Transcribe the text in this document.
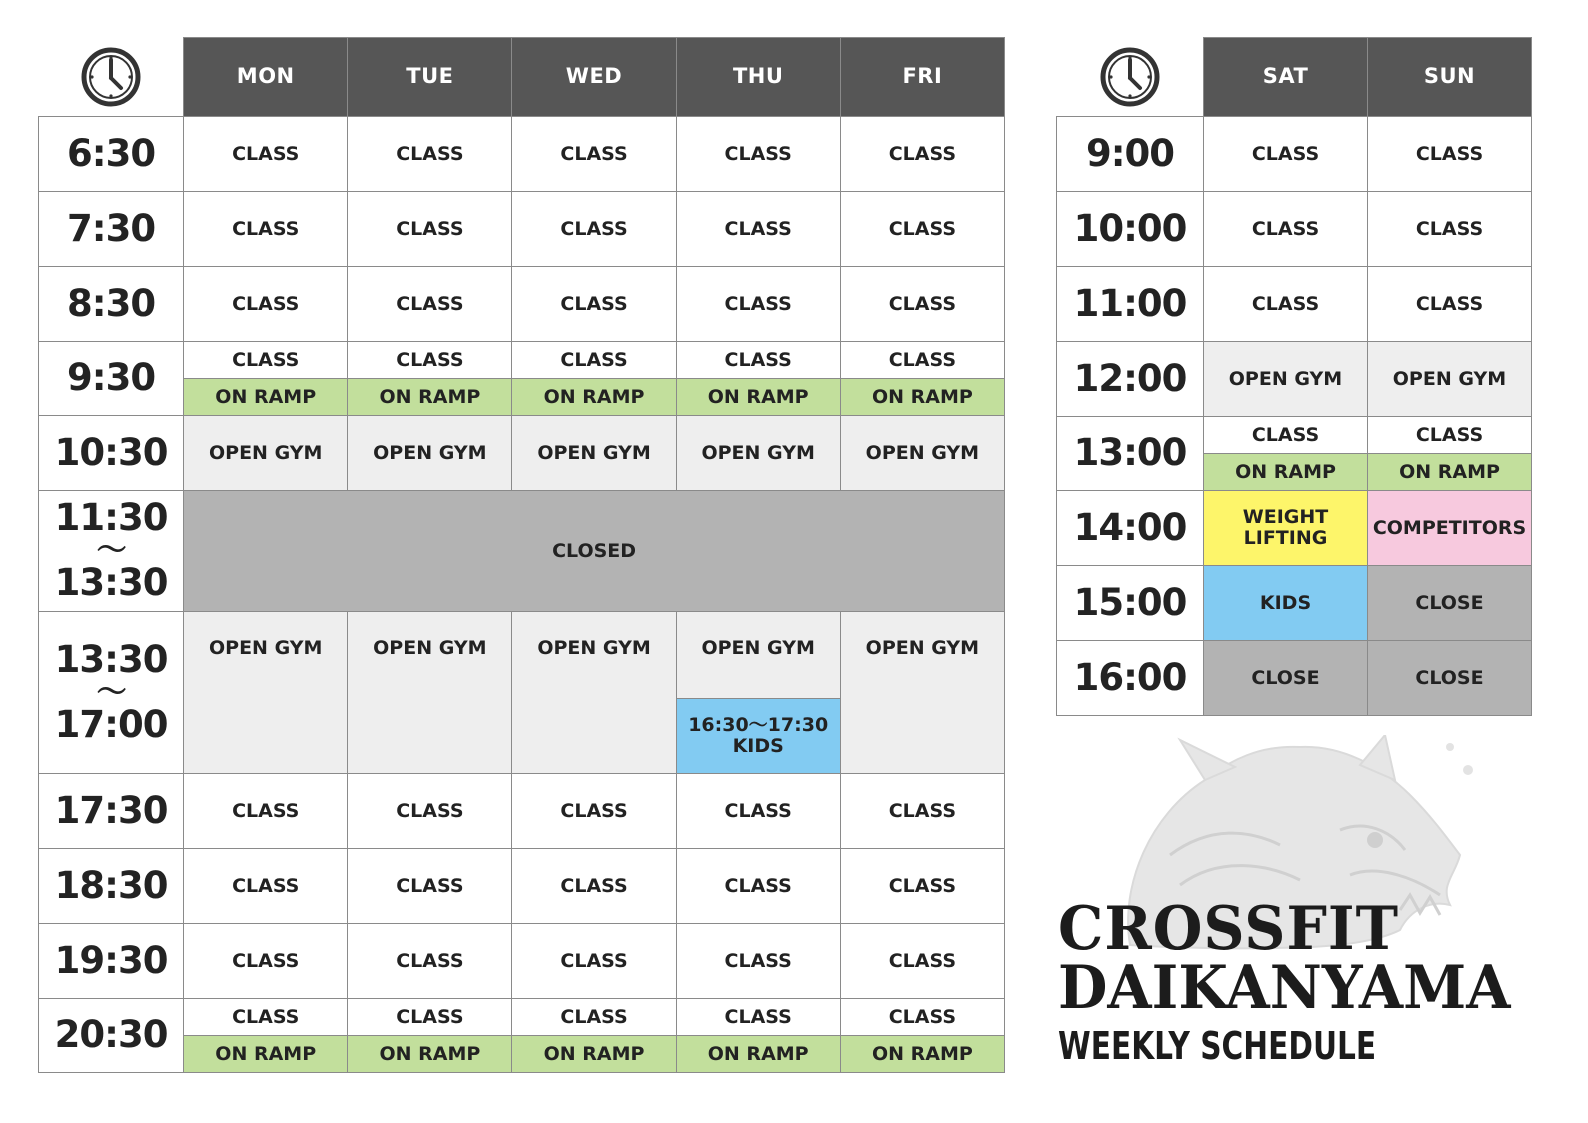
	MON	TUE	WED	THU	FRI
6:30	CLASS	CLASS	CLASS	CLASS	CLASS
7:30	CLASS	CLASS	CLASS	CLASS	CLASS
8:30	CLASS	CLASS	CLASS	CLASS	CLASS
9:30	CLASS	CLASS	CLASS	CLASS	CLASS
	ON RAMP	ON RAMP	ON RAMP	ON RAMP	ON RAMP
10:30	OPEN GYM	OPEN GYM	OPEN GYM	OPEN GYM	OPEN GYM
11:30
〜
13:30	CLOSED				
13:30
〜
17:00	OPEN GYM	OPEN GYM	OPEN GYM	OPEN GYM	OPEN GYM
				16:30〜17:30
KIDS	
17:30	CLASS	CLASS	CLASS	CLASS	CLASS
18:30	CLASS	CLASS	CLASS	CLASS	CLASS
19:30	CLASS	CLASS	CLASS	CLASS	CLASS
20:30	CLASS	CLASS	CLASS	CLASS	CLASS
	ON RAMP	ON RAMP	ON RAMP	ON RAMP	ON RAMP
	SAT	SUN
9:00	CLASS	CLASS
10:00	CLASS	CLASS
11:00	CLASS	CLASS
12:00	OPEN GYM	OPEN GYM
13:00	CLASS	CLASS
	ON RAMP	ON RAMP
14:00	WEIGHT
LIFTING	COMPETITORS
15:00	KIDS	CLOSE
16:00	CLOSE	CLOSE
CROSSFIT
DAIKANYAMA
WEEKLY SCHEDULE
